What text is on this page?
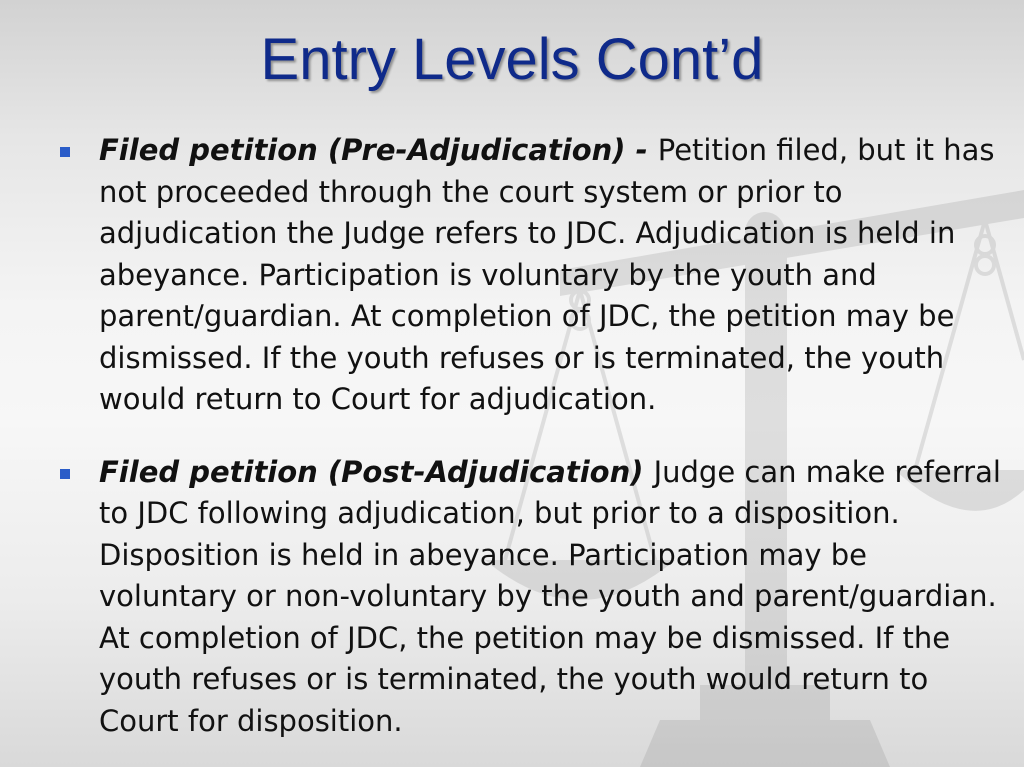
Entry Levels Cont’d
Filed petition (Pre-Adjudication) - Petition filed, but it has not proceeded through the court system or prior to adjudication the Judge refers to JDC. Adjudication is held in abeyance. Participation is voluntary by the youth and parent/guardian. At completion of JDC, the petition may be dismissed. If the youth refuses or is terminated, the youth would return to Court for adjudication.
Filed petition (Post-Adjudication) Judge can make referral to JDC following adjudication, but prior to a disposition. Disposition is held in abeyance. Participation may be voluntary or non-voluntary by the youth and parent/guardian. At completion of JDC, the petition may be dismissed. If the youth refuses or is terminated, the youth would return to Court for disposition.
